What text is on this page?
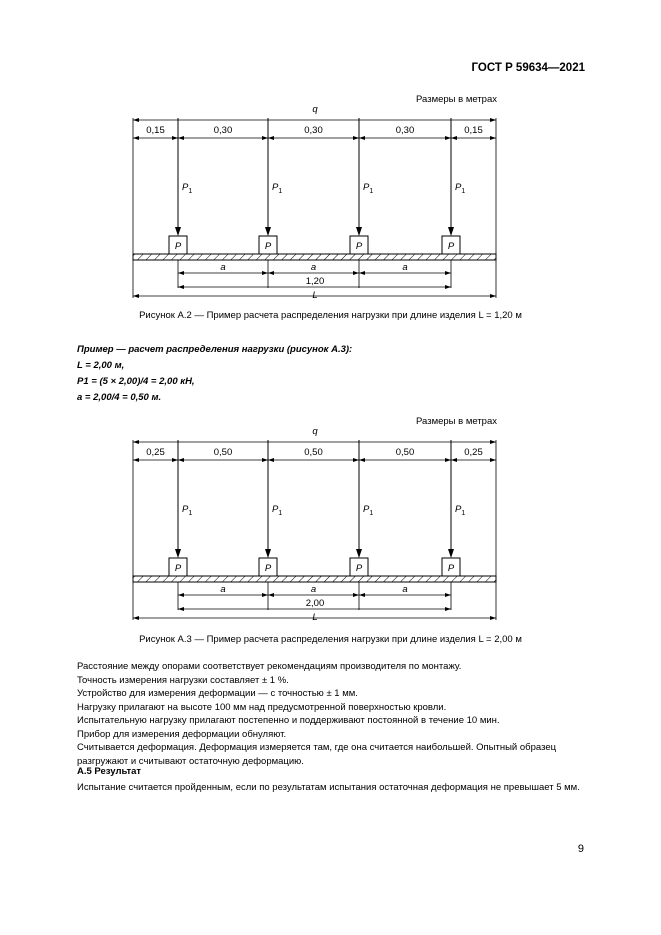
ГОСТ Р 59634—2021
Размеры в метрах
q
0,15	0,30	0,30	0,30	0,15
$P_1$
P
$P_1$
P
$P_1$
P
$P_1$
P
a	a	a
1,20
L
Рисунок А.2 — Пример расчета распределения нагрузки при длине изделия L = 1,20 м
Пример — расчет распределения нагрузки (рисунок А.3):
L = 2,00 м,
P1 = (5 × 2,00)/4 = 2,00 кН,
a = 2,00/4 = 0,50 м.
Размеры в метрах
q
0,25	0,50	0,50	0,50	0,25
$P_1$
P
$P_1$
P
$P_1$
P
$P_1$
P
a	a	a
2,00
L
Рисунок А.3 — Пример расчета распределения нагрузки при длине изделия L = 2,00 м

Расстояние между опорами соответствует рекомендациям производителя по монтажу.

Точность измерения нагрузки составляет ± 1 %.

Устройство для измерения деформации — с точностью ± 1 мм.

Нагрузку прилагают на высоте 100 мм над предусмотренной поверхностью кровли.

Испытательную нагрузку прилагают постепенно и поддерживают постоянной в течение 10 мин.

Прибор для измерения деформации обнуляют.

Считывается деформация. Деформация измеряется там, где она считается наибольшей. Опытный образец разгружают и считывают остаточную деформацию.

А.5 Результат
Испытание считается пройденным, если по результатам испытания остаточная деформация не превышает 5 мм.
9
